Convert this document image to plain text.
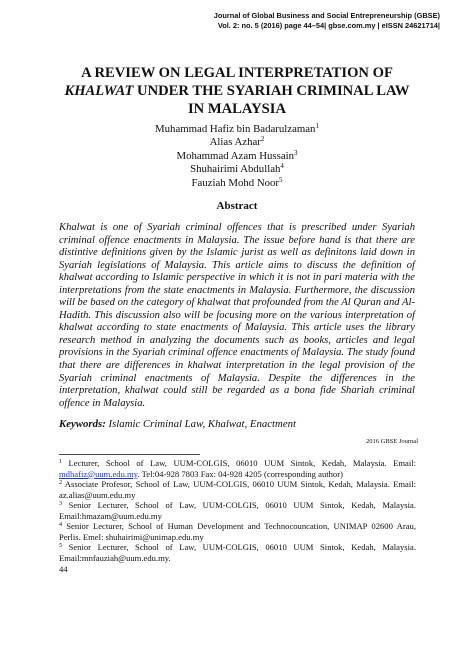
Journal of Global Business and Social Entrepreneurship (GBSE)
Vol. 2: no. 5 (2016) page 44–54| gbse.com.my | eISSN 24621714|
A REVIEW ON LEGAL INTERPRETATION OF
KHALWAT UNDER THE SYARIAH CRIMINAL LAW
IN MALAYSIA
Muhammad Hafiz bin Badarulzaman$^1$
Alias Azhar$^2$
Mohammad Azam Hussain$^3$
Shuhairimi Abdullah$^4$
Fauziah Mohd Noor$^5$
Abstract

Khalwat is one of Syariah criminal offences that is prescribed under Syariah criminal offence enactments in Malaysia. The issue before hand is that there are distintive definitions given by the Islamic jurist as well as definitons laid down in Syariah legislations of Malaysia. This article aims to discuss the definition of khalwat according to Islamic perspective in which it is not in pari materia with the interpretations from the state enactments in Malaysia. Furthermore, the discussion will be based on the category of khalwat that profounded from the Al Quran and Al-Hadith. This discussion also will be focusing more on the various interpretation of khalwat according to state enactments of Malaysia. This article uses the library research method in analyzing the documents such as books, articles and legal provisions in the Syariah criminal offence enactments of Malaysia. The study found that there are differences in khalwat interpretation in the legal provision of the Syariah criminal enactments of Malaysia. Despite the differences in the interpretation, khalwat could still be regarded as a bona fide Shariah criminal offence in Malaysia.

Keywords: Islamic Criminal Law, Khalwat, Enactment
2016 GBSE Journal

$^1$ Lecturer, School of Law, UUM-COLGIS, 06010 UUM Sintok, Kedah, Malaysia. Email: mdhafiz@uum.edu.my. Tel:04-928 7803 Fax: 04-928 4205 (corresponding author)

$^2$ Associate Profesor, School of Law, UUM-COLGIS, 06010 UUM Sintok, Kedah, Malaysia. Email: az.alias@uum.edu.my

$^3$ Senior Lecturer, School of Law, UUM-COLGIS, 06010 UUM Sintok, Kedah, Malaysia. Email:hmazam@uum.edu.my

$^4$ Senior Lecturer, School of Human Development and Technocouncation, UNIMAP 02600 Arau, Perlis. Emel: shuhairimi@unimap.edu.my

$^5$ Senior Lecturer, School of Law, UUM-COLGIS, 06010 UUM Sintok, Kedah, Malaysia. Email:mnfauziah@uum.edu.my.

44
